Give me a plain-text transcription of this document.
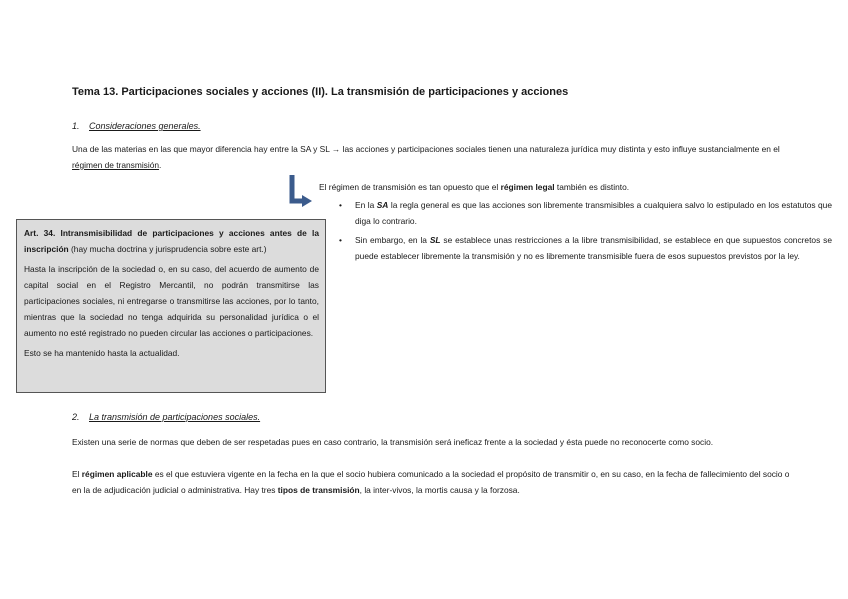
Tema 13. Participaciones sociales y acciones (II). La transmisión de participaciones y acciones
1. Consideraciones generales.
Una de las materias en las que mayor diferencia hay entre la SA y SL → las acciones y participaciones sociales tienen una naturaleza jurídica muy distinta y esto influye sustancialmente en el régimen de transmisión.
El régimen de transmisión es tan opuesto que el régimen legal también es distinto.
• En la SA la regla general es que las acciones son libremente transmisibles a cualquiera salvo lo estipulado en los estatutos que diga lo contrario.
• Sin embargo, en la SL se establece unas restricciones a la libre transmisibilidad, se establece en que supuestos concretos se puede establecer libremente la transmisión y no es libremente transmisible fuera de esos supuestos previstos por la ley.

Art. 34. Intransmisibilidad de participaciones y acciones antes de la inscripción (hay mucha doctrina y jurisprudencia sobre este art.)

Hasta la inscripción de la sociedad o, en su caso, del acuerdo de aumento de capital social en el Registro Mercantil, no podrán transmitirse las participaciones sociales, ni entregarse o transmitirse las acciones, por lo tanto, mientras que la sociedad no tenga adquirida su personalidad jurídica o el aumento no esté registrado no pueden circular las acciones o participaciones.

Esto se ha mantenido hasta la actualidad.

2. La transmisión de participaciones sociales.
Existen una serie de normas que deben de ser respetadas pues en caso contrario, la transmisión será ineficaz frente a la sociedad y ésta puede no reconocerte como socio.
El régimen aplicable es el que estuviera vigente en la fecha en la que el socio hubiera comunicado a la sociedad el propósito de transmitir o, en su caso, en la fecha de fallecimiento del socio o en la de adjudicación judicial o administrativa. Hay tres tipos de transmisión, la inter-vivos, la mortis causa y la forzosa.
